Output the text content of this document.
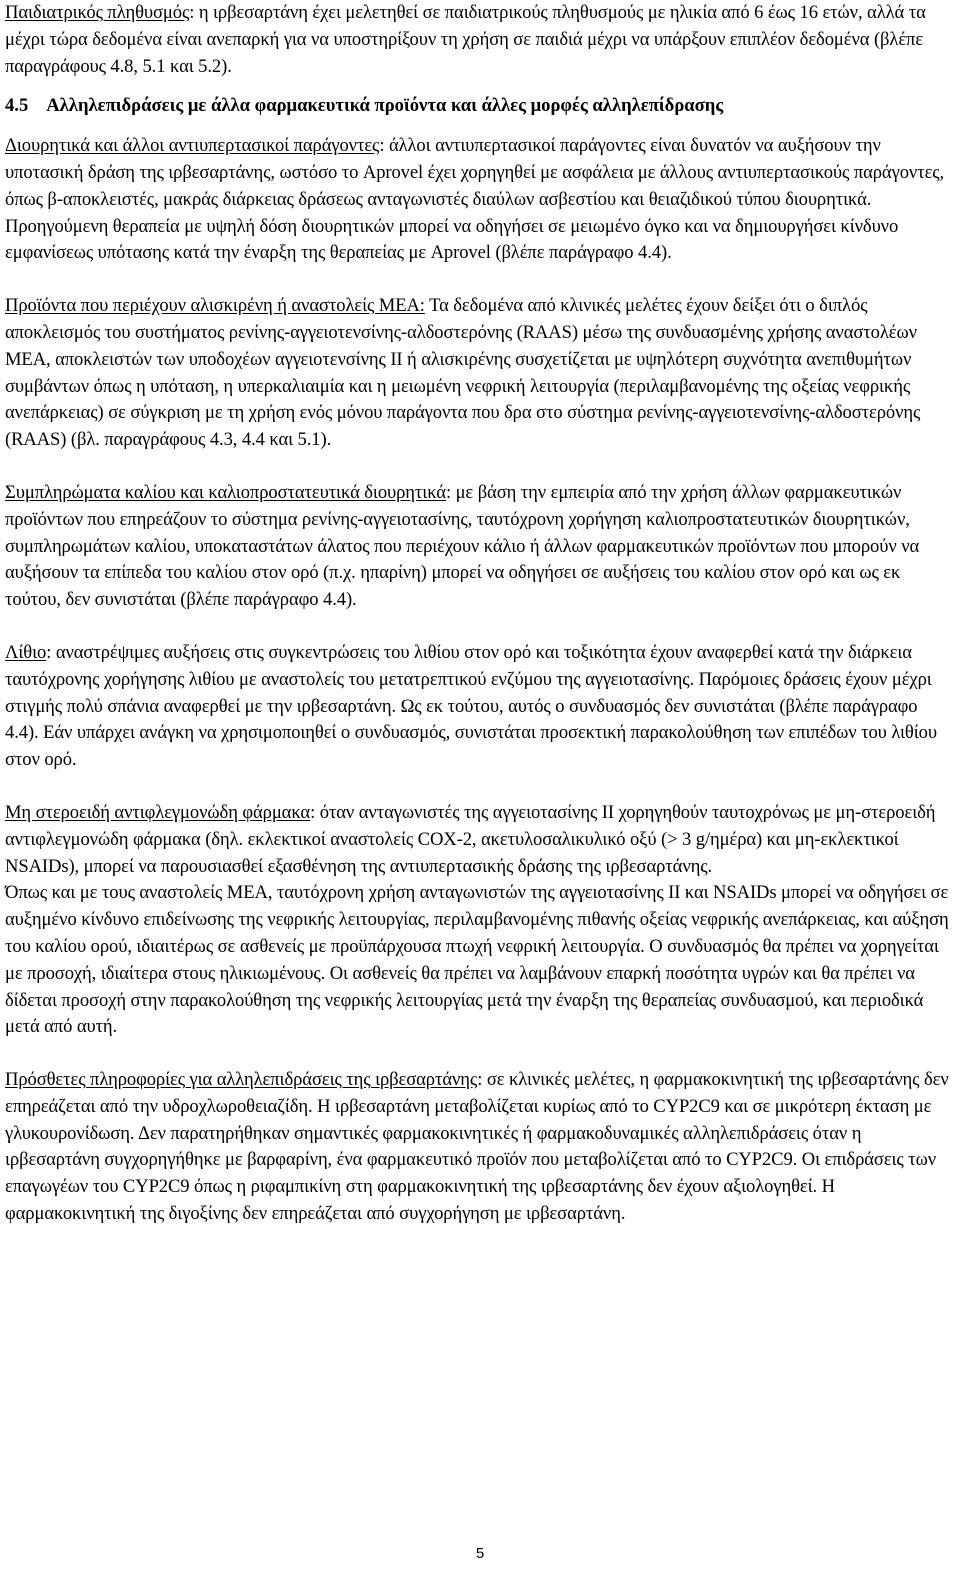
Παιδιατρικός πληθυσμός: η ιρβεσαρτάνη έχει μελετηθεί σε παιδιατρικούς πληθυσμούς με ηλικία από 6 έως 16 ετών, αλλά τα μέχρι τώρα δεδομένα είναι ανεπαρκή για να υποστηρίξουν τη χρήση σε παιδιά μέχρι να υπάρξουν επιπλέον δεδομένα (βλέπε παραγράφους 4.8, 5.1 και 5.2).

4.5 Αλληλεπιδράσεις με άλλα φαρμακευτικά προϊόντα και άλλες μορφές αλληλεπίδρασης

Διουρητικά και άλλοι αντιυπερτασικοί παράγοντες: άλλοι αντιυπερτασικοί παράγοντες είναι δυνατόν να αυξήσουν την υποτασική δράση της ιρβεσαρτάνης, ωστόσο το Aprovel έχει χορηγηθεί με ασφάλεια με άλλους αντιυπερτασικούς παράγοντες, όπως β-αποκλειστές, μακράς διάρκειας δράσεως ανταγωνιστές διαύλων ασβεστίου και θειαζιδικού τύπου διουρητικά. Προηγούμενη θεραπεία με υψηλή δόση διουρητικών μπορεί να οδηγήσει σε μειωμένο όγκο και να δημιουργήσει κίνδυνο εμφανίσεως υπότασης κατά την έναρξη της θεραπείας με Aprovel (βλέπε παράγραφο 4.4).

Προϊόντα που περιέχουν αλισκιρένη ή αναστολείς ΜΕΑ: Τα δεδομένα από κλινικές μελέτες έχουν δείξει ότι ο διπλός αποκλεισμός του συστήματος ρενίνης-αγγειοτενσίνης-αλδοστερόνης (RAAS) μέσω της συνδυασμένης χρήσης αναστολέων ΜΕΑ, αποκλειστών των υποδοχέων αγγειοτενσίνης ΙΙ ή αλισκιρένης συσχετίζεται με υψηλότερη συχνότητα ανεπιθυμήτων συμβάντων όπως η υπόταση, η υπερκαλιαιμία και η μειωμένη νεφρική λειτουργία (περιλαμβανομένης της οξείας νεφρικής ανεπάρκειας) σε σύγκριση με τη χρήση ενός μόνου παράγοντα που δρα στο σύστημα ρενίνης-αγγειοτενσίνης-αλδοστερόνης (RAAS) (βλ. παραγράφους 4.3, 4.4 και 5.1).

Συμπληρώματα καλίου και καλιοπροστατευτικά διουρητικά: με βάση την εμπειρία από την χρήση άλλων φαρμακευτικών προϊόντων που επηρεάζουν το σύστημα ρενίνης-αγγειοτασίνης, ταυτόχρονη χορήγηση καλιοπροστατευτικών διουρητικών, συμπληρωμάτων καλίου, υποκαταστάτων άλατος που περιέχουν κάλιο ή άλλων φαρμακευτικών προϊόντων που μπορούν να αυξήσουν τα επίπεδα του καλίου στον ορό (π.χ. ηπαρίνη) μπορεί να οδηγήσει σε αυξήσεις του καλίου στον ορό και ως εκ τούτου, δεν συνιστάται (βλέπε παράγραφο 4.4).

Λίθιο: αναστρέψιμες αυξήσεις στις συγκεντρώσεις του λιθίου στον ορό και τοξικότητα έχουν αναφερθεί κατά την διάρκεια ταυτόχρονης χορήγησης λιθίου με αναστολείς του μετατρεπτικού ενζύμου της αγγειοτασίνης. Παρόμοιες δράσεις έχουν μέχρι στιγμής πολύ σπάνια αναφερθεί με την ιρβεσαρτάνη. Ως εκ τούτου, αυτός ο συνδυασμός δεν συνιστάται (βλέπε παράγραφο 4.4). Εάν υπάρχει ανάγκη να χρησιμοποιηθεί ο συνδυασμός, συνιστάται προσεκτική παρακολούθηση των επιπέδων του λιθίου στον ορό.

Μη στεροειδή αντιφλεγμονώδη φάρμακα: όταν ανταγωνιστές της αγγειοτασίνης ΙΙ χορηγηθούν ταυτοχρόνως με μη-στεροειδή αντιφλεγμονώδη φάρμακα (δηλ. εκλεκτικοί αναστολείς COX-2, ακετυλοσαλικυλικό οξύ (> 3 g/ημέρα) και μη-εκλεκτικοί NSAIDs), μπορεί να παρουσιασθεί εξασθένηση της αντιυπερτασικής δράσης της ιρβεσαρτάνης.

Όπως και με τους αναστολείς ΜΕΑ, ταυτόχρονη χρήση ανταγωνιστών της αγγειοτασίνης ΙΙ και NSAIDs μπορεί να οδηγήσει σε αυξημένο κίνδυνο επιδείνωσης της νεφρικής λειτουργίας, περιλαμβανομένης πιθανής οξείας νεφρικής ανεπάρκειας, και αύξηση του καλίου ορού, ιδιαιτέρως σε ασθενείς με προϋπάρχουσα πτωχή νεφρική λειτουργία. Ο συνδυασμός θα πρέπει να χορηγείται με προσοχή, ιδιαίτερα στους ηλικιωμένους. Οι ασθενείς θα πρέπει να λαμβάνουν επαρκή ποσότητα υγρών και θα πρέπει να δίδεται προσοχή στην παρακολούθηση της νεφρικής λειτουργίας μετά την έναρξη της θεραπείας συνδυασμού, και περιοδικά μετά από αυτή.

Πρόσθετες πληροφορίες για αλληλεπιδράσεις της ιρβεσαρτάνης: σε κλινικές μελέτες, η φαρμακοκινητική της ιρβεσαρτάνης δεν επηρεάζεται από την υδροχλωροθειαζίδη. Η ιρβεσαρτάνη μεταβολίζεται κυρίως από το CYP2C9 και σε μικρότερη έκταση με γλυκουρονίδωση. Δεν παρατηρήθηκαν σημαντικές φαρμακοκινητικές ή φαρμακοδυναμικές αλληλεπιδράσεις όταν η ιρβεσαρτάνη συγχορηγήθηκε με βαρφαρίνη, ένα φαρμακευτικό προϊόν που μεταβολίζεται από το CYP2C9. Οι επιδράσεις των επαγωγέων του CYP2C9 όπως η ριφαμπικίνη στη φαρμακοκινητική της ιρβεσαρτάνης δεν έχουν αξιολογηθεί. Η φαρμακοκινητική της διγοξίνης δεν επηρεάζεται από συγχορήγηση με ιρβεσαρτάνη.

5
